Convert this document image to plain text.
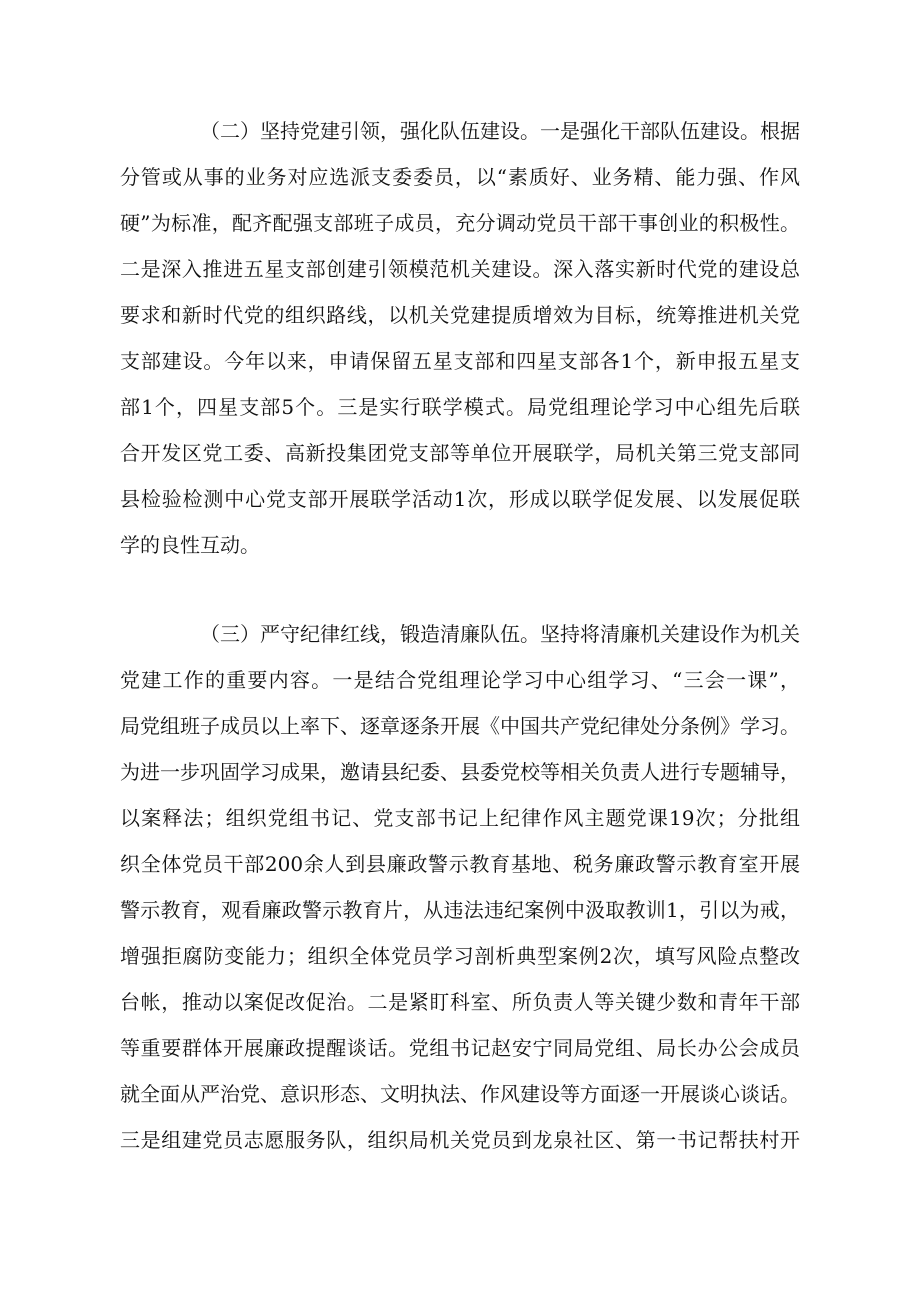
（二）坚持党建引领，强化队伍建设。一是强化干部队伍建设。根据
分管或从事的业务对应选派支委委员，以“素质好、业务精、能力强、作风
硬”为标准，配齐配强支部班子成员，充分调动党员干部干事创业的积极性。
二是深入推进五星支部创建引领模范机关建设。深入落实新时代党的建设总
要求和新时代党的组织路线，以机关党建提质增效为目标，统筹推进机关党
支部建设。今年以来，申请保留五星支部和四星支部各1个，新申报五星支
部1个，四星支部5个。三是实行联学模式。局党组理论学习中心组先后联
合开发区党工委、高新投集团党支部等单位开展联学，局机关第三党支部同
县检验检测中心党支部开展联学活动1次，形成以联学促发展、以发展促联
学的良性互动。
（三）严守纪律红线，锻造清廉队伍。坚持将清廉机关建设作为机关
党建工作的重要内容。一是结合党组理论学习中心组学习、“三会一课”，
局党组班子成员以上率下、逐章逐条开展《中国共产党纪律处分条例》学习。
为进一步巩固学习成果，邀请县纪委、县委党校等相关负责人进行专题辅导，
以案释法；组织党组书记、党支部书记上纪律作风主题党课19次；分批组
织全体党员干部200余人到县廉政警示教育基地、税务廉政警示教育室开展
警示教育，观看廉政警示教育片，从违法违纪案例中汲取教训1，引以为戒，
增强拒腐防变能力；组织全体党员学习剖析典型案例2次，填写风险点整改
台帐，推动以案促改促治。二是紧盯科室、所负责人等关键少数和青年干部
等重要群体开展廉政提醒谈话。党组书记赵安宁同局党组、局长办公会成员
就全面从严治党、意识形态、文明执法、作风建设等方面逐一开展谈心谈话。
三是组建党员志愿服务队，组织局机关党员到龙泉社区、第一书记帮扶村开
